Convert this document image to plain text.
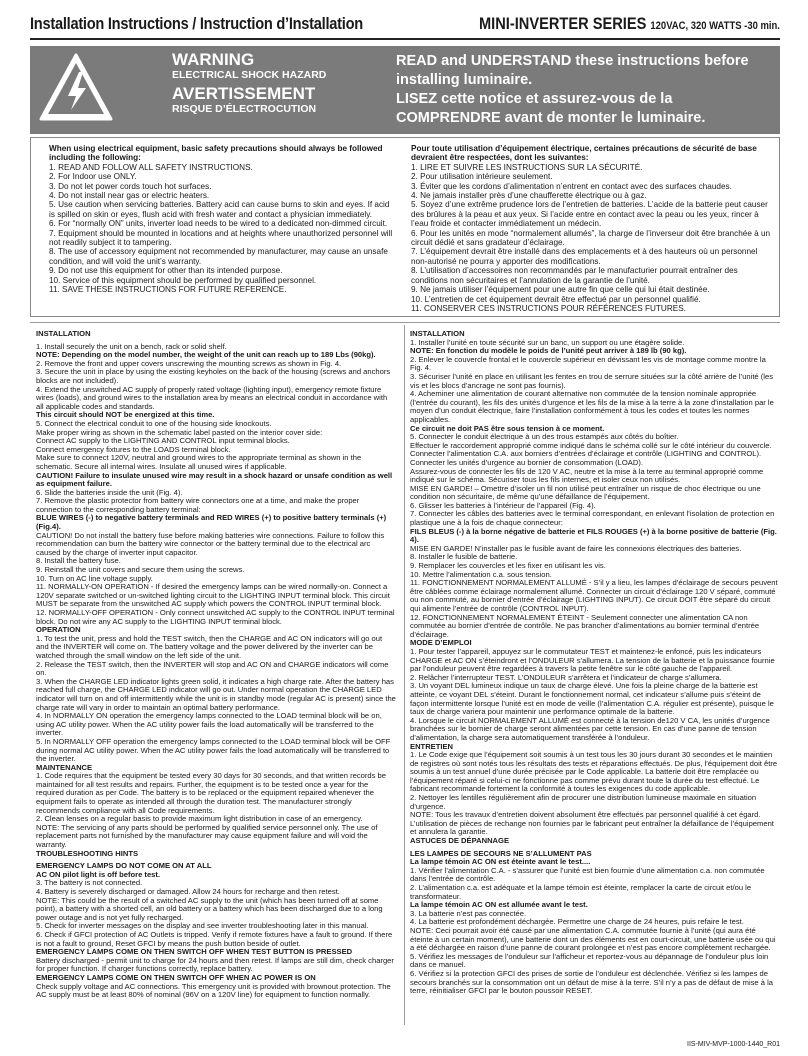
Installation Instructions / Instruction d’Installation	MINI-INVERTER SERIES 120VAC, 320 WATTS -30 min.
WARNING
ELECTRICAL SHOCK HAZARD
AVERTISSEMENT
RISQUE D’ÉLECTROCUTION
READ and UNDERSTAND these instructions before installing luminaire.
LISEZ cette notice et assurez-vous de la COMPRENDRE avant de monter le luminaire.

When using electrical equipment, basic safety precautions should always be followed including the following:

1. READ AND FOLLOW ALL SAFETY INSTRUCTIONS.

2. For Indoor use ONLY.

3. Do not let power cords touch hot surfaces.

4. Do not install near gas or electric heaters.

5. Use caution when servicing batteries. Battery acid can cause burns to skin and eyes. If acid is spilled on skin or eyes, flush acid with fresh water and contact a physician immediately.

6. For “normally ON” units, inverter load needs to be wired to a dedicated non-dimmed circuit.

7. Equipment should be mounted in locations and at heights where unauthorized personnel will not readily subject it to tampering.

8. The use of accessory equipment not recommended by manufacturer, may cause an unsafe condition, and will void the unit’s warranty.

9. Do not use this equipment for other than its intended purpose.

10. Service of this equipment should be performed by qualified personnel.

11. SAVE THESE INSTRUCTIONS FOR FUTURE REFERENCE.

Pour toute utilisation d’équipement électrique, certaines précautions de sécurité de base devraient être respectées, dont les suivantes:

1. LIRE ET SUIVRE LES INSTRUCTIONS SUR LA SÉCURITÉ.

2. Pour utilisation intérieure seulement.

3. Éviter que les cordons d’alimentation n’entrent en contact avec des surfaces chaudes.

4. Ne jamais installer près d’une chaufferette électrique ou à gaz.

5. Soyez d’une extrême prudence lors de l’entretien de batteries. L’acide de la batterie peut causer des brûlures à la peau et aux yeux. Si l’acide entre en contact avec la peau ou les yeux, rincer à l’eau froide et contacter immédiatement un médecin.

6. Pour les unités en mode “normalement allumés”, la charge de l’inverseur doit être branchée à un circuit dédié et sans gradateur d’éclairage.

7. L’équipement devrait être installé dans des emplacements et à des hauteurs où un personnel non-autorisé ne pourra y apporter des modifications.

8. L’utilisation d’accessoires non recommandés par le manufacturier pourrait entraîner des conditions non sécuritaires et l’annulation de la garantie de l’unité.

9. Ne jamais utiliser l’équipement pour une autre fin que celle qui lui était destinée.

10. L’entretien de cet équipement devrait être effectué par un personnel qualifié.

11. CONSERVER CES INSTRUCTIONS POUR RÉFÉRENCES FUTURES.

INSTALLATION

1. Install securely the unit on a bench, rack or solid shelf.

NOTE: Depending on the model number, the weight of the unit can reach up to 189 Lbs (90kg).

2. Remove the front and upper covers unscrewing the mounting screws as shown in Fig. 4.

3. Secure the unit in place by using the existing keyholes on the back of the housing (screws and anchors blocks are not included).

4. Extend the unswitched AC supply of properly rated voltage (lighting input), emergency remote fixture wires (loads), and ground wires to the installation area by means an electrical conduit in accordance with all applicable codes and standards.

This circuit should NOT be energized at this time.

5. Connect the electrical conduit to one of the housing side knockouts.

Make proper wiring as shown in the schematic label pasted on the interior cover side:

Connect AC supply to the LIGHTING AND CONTROL input terminal blocks.

Connect emergency fixtures to the LOADS terminal block.

Make sure to connect 120V, neutral and ground wires to the appropriate terminal as shown in the schematic. Secure all internal wires. Insulate all unused wires if applicable.

CAUTION! Failure to insulate unused wire may result in a shock hazard or unsafe condition as well as equipment failure.

6. Slide the batteries inside the unit (Fig. 4).

7. Remove the plastic protector from battery wire connectors one at a time, and make the proper connection to the corresponding battery terminal:

BLUE WIRES (-) to negative battery terminals and RED WIRES (+) to positive battery terminals (+) (Fig.4).

CAUTION! Do not install the battery fuse before making batteries wire connections. Failure to follow this recommendation can burn the battery wire connector or the battery terminal due to the electrical arc caused by the charge of inverter input capacitor.

8. Install the battery fuse.

9. Reinstall the unit covers and secure them using the screws.

10. Turn on AC line voltage supply.

11. NORMALLY-ON OPERATION - If desired the emergency lamps can be wired normally-on. Connect a 120V separate switched or un-switched lighting circuit to the LIGHTING INPUT terminal block. This circuit MUST be separate from the unswitched AC supply which powers the CONTROL INPUT terminal block.

12. NORMALLY-OFF OPERATION - Only connect unswitched AC supply to the CONTROL INPUT terminal block. Do not wire any AC supply to the LIGHTING INPUT terminal block.

OPERATION

1. To test the unit, press and hold the TEST switch, then the CHARGE and AC ON indicators will go out and the INVERTER will come on. The battery voltage and the power delivered by the inverter can be watched through the small window on the left side of the unit.

2. Release the TEST switch, then the INVERTER will stop and AC ON and CHARGE indicators will come on.

3. When the CHARGE LED indicator lights green solid, it indicates a high charge rate. After the battery has reached full charge, the CHARGE LED indicator will go out. Under normal operation the CHARGE LED indicator will turn on and off intermittently while the unit is in standby mode (regular AC is present) since the charge rate will vary in order to maintain an optimal battery performance.

4. In NORMALLY ON operation the emergency lamps connected to the LOAD terminal block will be on, using AC utility power. When the AC utility power fails the load automatically will be transferred to the inverter.

5. In NORMALLY OFF operation the emergency lamps connected to the LOAD terminal block will be OFF during normal AC utility power. When the AC utility power fails the load automatically will be transferred to the inverter.

MAINTENANCE

1. Code requires that the equipment be tested every 30 days for 30 seconds, and that written records be maintained for all test results and repairs. Further, the equipment is to be tested once a year for the required duration as per Code. The battery is to be replaced or the equipment repaired whenever the equipment fails to operate as intended all through the duration test. The manufacturer strongly recommends compliance with all Code requirements.

2. Clean lenses on a regular basis to provide maximum light distribution in case of an emergency.

NOTE: The servicing of any parts should be performed by qualified service personnel only. The use of replacement parts not furnished by the manufacturer may cause equipment failure and will void the warranty.

TROUBLESHOOTING HINTS

EMERGENCY LAMPS DO NOT COME ON AT ALL

AC ON pilot light is off before test.

3. The battery is not connected.

4. Battery is severely discharged or damaged. Allow 24 hours for recharge and then retest.

NOTE: This could be the result of a switched AC supply to the unit (which has been turned off at some point), a battery with a shorted cell, an old battery or a battery which has been discharged due to a long power outage and is not yet fully recharged.

5. Check for inverter messages on the display and see inverter troubleshooting later in this manual.

6. Check if GFCI protection of AC Outlets is tripped. Verify if remote fixtures have a fault to ground. If there is not a fault to ground, Reset GFCI by means the push button beside of outlet.

EMERGENCY LAMPS COME ON THEN SWITCH OFF WHEN TEST BUTTON IS PRESSED

Battery discharged - permit unit to charge for 24 hours and then retest. If lamps are still dim, check charger for proper function. If charger functions correctly, replace battery.

EMERGENCY LAMPS COME ON THEN SWITCH OFF WHEN AC POWER IS ON

Check supply voltage and AC connections. This emergency unit is provided with brownout protection. The AC supply must be at least 80% of nominal (96V on a 120V line) for equipment to function normally.

INSTALLATION

1. Installer l’unité en toute sécurité sur un banc, un support ou une étagère solide.

NOTE: En fonction du modèle le poids de l’unité peut arriver à 189 lb (90 kg).

2. Enlever le couvercle frontal et le couvercle supérieur en dévissant les vis de montage comme montre la Fig. 4.

3. Sécuriser l’unité en place en utilisant les fentes en trou de serrure situées sur la côté arrière de l’unité (les vis et les blocs d’ancrage ne sont pas fournis).

4. Acheminer une alimentation de courant alternative non commutée de la tension nominale appropriée (l’entrée du courant), les fils des unités d’urgence et les fils de la mise à la terre à la zone d’installation par le moyen d’un conduit électrique, faire l’installation conformément à tous les codes et toutes les normes applicables.

Ce circuit ne doit PAS être sous tension à ce moment.

5. Connecter le conduit électrique à un des trous estampés aux côtés du boîtier.

Effectuer le raccordement approprié comme indiqué dans le schéma collé sur le côté intérieur du couvercle.

Connecter l’alimentation C.A. aux borniers d’entrées d’éclairage et contrôle (LIGHTING and CONTROL).

Connecter les unités d’urgence au bornier de consommation (LOAD).

Assurez-vous de connecter les fils de 120 V AC, neutre et la mise à la terre au terminal approprié comme indiqué sur le schéma. Sécuriser tous les fils internes, et isoler ceux non utilisés.

MISE EN GARDE! – Omettre d’isoler un fil non utilisé peut entraîner un risque de choc électrique ou une condition non sécuritaire, de même qu’une défaillance de l’équipement.

6. Glisser les batteries à l’intérieur de l’appareil (Fig. 4).

7. Connecter les câbles des batteries avec le terminal correspondant, en enlevant l’isolation de protection en plastique une à la fois de chaque connecteur:

FILS BLEUS (-) à la borne négative de batterie et FILS ROUGES (+) à la borne positive de batterie (Fig. 4).

MISE EN GARDE! N’installer pas le fusible avant de faire les connexions électriques des batteries.

8. Installer le fusible de batterie.

9. Remplacer les couvercles et les fixer en utilisant les vis.

10. Mettre l’alimentation c.a. sous tension.

11. FONCTIONNEMENT NORMALEMENT ALLUMÉ - S’il y a lieu, les lampes d’éclairage de secours peuvent être câblées comme éclairage normalement allumé. Connecter un circuit d’éclairage 120 V séparé, commuté ou non commuté, au bornier d’entrée d’éclairage (LIGHTING INPUT). Ce circuit DOIT être séparé du circuit qui alimente l’entrée de contrôle (CONTROL INPUT).

12. FONCTIONNEMENT NORMALEMENT ÉTEINT - Seulement connecter une alimentation CA non commutée au bornier d’entrée de contrôle. Ne pas brancher d’alimentations au bornier terminal d’entrée d’éclairage.

MODE D’EMPLOI

1. Pour tester l’appareil, appuyez sur le commutateur TEST et maintenez-le enfoncé, puis les indicateurs CHARGE et AC ON s’éteindront et l’ONDULEUR s’allumera. La tension de la batterie et la puissance fournie par l’onduleur peuvent être regardées à travers la petite fenêtre sur le côté gauche de l’appareil.

2. Relâcher l’interrupteur TEST. L’ONDULEUR s’arrêtera et l’indicateur de charge s’allumera.

3. Un voyant DEL lumineux indique un taux de charge élevé. Une fois la pleine charge de la batterie est atteinte, ce voyant DEL s’éteint. Durant le fonctionnement normal, cet indicateur s’allume puis s’éteint de façon intermittente lorsque l’unité est en mode de veille (l’alimentation C.A. régulier est présente), puisque le taux de charge variera pour maintenir une performance optimale de la batterie.

4. Lorsque le circuit NORMALEMENT ALLUMÉ est connecté à la tension de120 V CA, les unités d’urgence branchées sur le bornier de charge seront alimentées par cette tension. En cas d’une panne de tension d’alimentation, la charge sera automatiquement transférée à l’onduleur.

ENTRETIEN

1. Le Code exige que l’équipement soit soumis à un test tous les 30 jours durant 30 secondes et le maintien de registres où sont notés tous les résultats des tests et réparations effectués. De plus, l’équipement doit être soumis à un test annuel d’une durée précisée par le Code applicable. La batterie doit être remplacée ou l’équipement réparé si celui-ci ne fonctionne pas comme prévu durant toute la durée du test effectué. Le fabricant recommande fortement la conformité à toutes les exigences du code applicable.

2. Nettoyer les lentilles régulièrement afin de procurer une distribution lumineuse maximale en situation d’urgence.

NOTE: Tous les travaux d’entretien doivent absolument être effectués par personnel qualifié à cet égard. L’utilisation de pièces de rechange non fournies par le fabricant peut entraîner la défaillance de l’équipement et annulera la garantie.

ASTUCES DE DÉPANNAGE

LES LAMPES DE SECOURS NE S’ALLUMENT PAS

La lampe témoin AC ON est éteinte avant le test....

1. Vérifier l’alimentation C.A. - s’assurer que l’unité est bien fournie d’une alimentation c.a. non commutée dans l’entrée de contrôle.

2. L’alimentation c.a. est adéquate et la lampe témoin est éteinte, remplacer la carte de circuit et/ou le transformateur.

La lampe témoin AC ON est allumée avant le test.

3. La batterie n’est pas connectée.

4. La batterie est profondément déchargée. Permettre une charge de 24 heures, puis refaire le test.

NOTE: Ceci pourrait avoir été causé par une alimentation C.A. commutée fournie à l’unité (qui aura été éteinte à un certain moment), une batterie dont un des éléments est en court-circuit, une batterie usée ou qui a été déchargée en raison d’une panne de courant prolongée et n’est pas encore complètement rechargée.

5. Vérifiez les messages de l’onduleur sur l’afficheur et reportez-vous au dépannage de l’onduleur plus loin dans ce manuel.

6. Vérifiez si la protection GFCI des prises de sortie de l’onduleur est déclenchée. Vérifiez si les lampes de secours branchés sur la consommation ont un défaut de mise à la terre. S’il n’y a pas de défaut de mise à la terre, réinitialiser GFCI par le bouton poussoir RESET.

IIS-MIV-MVP-1000-1440_R01
